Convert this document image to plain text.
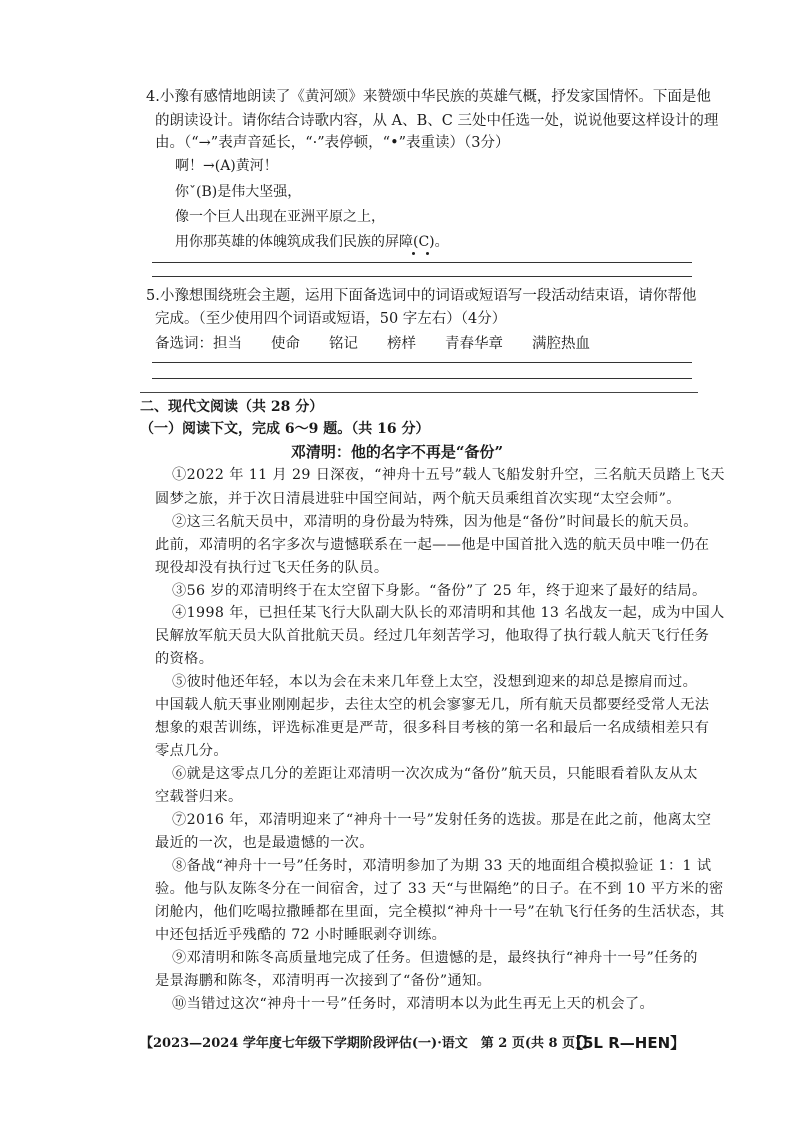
4.小豫有感情地朗读了《黄河颂》来赞颂中华民族的英雄气概，抒发家国情怀。下面是他
的朗读设计。请你结合诗歌内容，从 A、B、C 三处中任选一处，说说他要这样设计的理
由。（“→”表声音延长，“·”表停顿，“•”表重读）（3分）
啊！→(A)黄河！
你ˇ(B)是伟大坚强，
像一个巨人出现在亚洲平原之上，
用你那英雄的体魄筑成我们民族的屏障(C)。
5.小豫想围绕班会主题，运用下面备选词中的词语或短语写一段活动结束语，请你帮他
完成。（至少使用四个词语或短语，50 字左右）（4分）
备选词：担当　　 使命　　 铭记　　 榜样　　 青春华章　　 满腔热血
二、现代文阅读（共 28 分）
（一）阅读下文，完成 6～9 题。（共 16 分）
邓清明：他的名字不再是“备份”
①2022 年 11 月 29 日深夜，“神舟十五号”载人飞船发射升空，三名航天员踏上飞天
圆梦之旅，并于次日清晨进驻中国空间站，两个航天员乘组首次实现“太空会师”。
②这三名航天员中，邓清明的身份最为特殊，因为他是“备份”时间最长的航天员。
此前，邓清明的名字多次与遗憾联系在一起——他是中国首批入选的航天员中唯一仍在
现役却没有执行过飞天任务的队员。
③56 岁的邓清明终于在太空留下身影。“备份”了 25 年，终于迎来了最好的结局。
④1998 年，已担任某飞行大队副大队长的邓清明和其他 13 名战友一起，成为中国人
民解放军航天员大队首批航天员。经过几年刻苦学习，他取得了执行载人航天飞行任务
的资格。
⑤彼时他还年轻，本以为会在未来几年登上太空，没想到迎来的却总是擦肩而过。
中国载人航天事业刚刚起步，去往太空的机会寥寥无几，所有航天员都要经受常人无法
想象的艰苦训练，评选标准更是严苛，很多科目考核的第一名和最后一名成绩相差只有
零点几分。
⑥就是这零点几分的差距让邓清明一次次成为“备份”航天员，只能眼看着队友从太
空载誉归来。
⑦2016 年，邓清明迎来了“神舟十一号”发射任务的选拔。那是在此之前，他离太空
最近的一次，也是最遗憾的一次。
⑧备战“神舟十一号”任务时，邓清明参加了为期 33 天的地面组合模拟验证 1：1 试
验。他与队友陈冬分在一间宿舍，过了 33 天“与世隔绝”的日子。在不到 10 平方米的密
闭舱内，他们吃喝拉撒睡都在里面，完全模拟“神舟十一号”在轨飞行任务的生活状态，其
中还包括近乎残酷的 72 小时睡眠剥夺训练。
⑨邓清明和陈冬高质量地完成了任务。但遗憾的是，最终执行“神舟十一号”任务的
是景海鹏和陈冬，邓清明再一次接到了“备份”通知。
⑩当错过这次“神舟十一号”任务时，邓清明本以为此生再无上天的机会了。
【2023—2024 学年度七年级下学期阶段评估(一)·语文　第 2 页(共 8 页)】
【5L R—HEN】
